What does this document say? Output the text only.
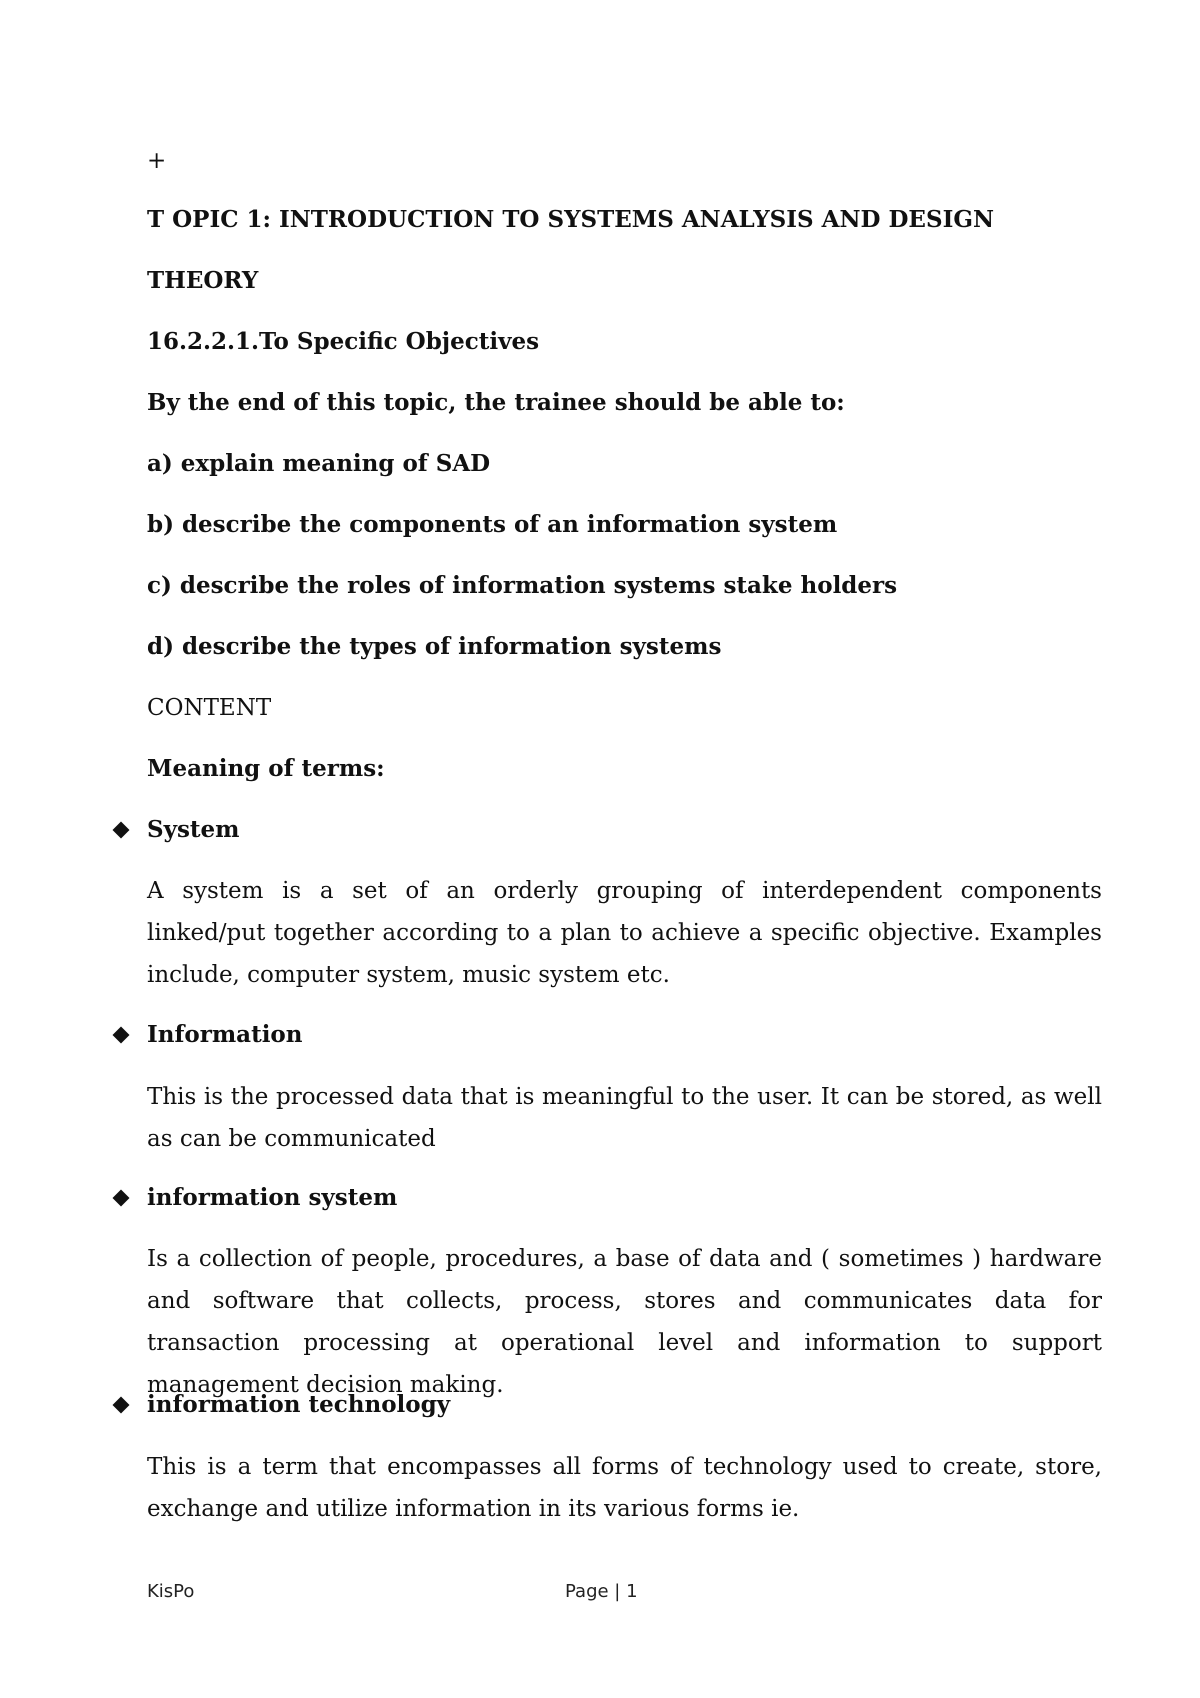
+
T OPIC 1: INTRODUCTION TO SYSTEMS ANALYSIS AND DESIGN
THEORY
16.2.2.1.To Specific Objectives
By the end of this topic, the trainee should be able to:
a) explain meaning of SAD
b) describe the components of an information system
c) describe the roles of information systems stake holders
d) describe the types of information systems
CONTENT
Meaning of terms:
System
A system is a set of an orderly grouping of interdependent components linked/put together according to a plan to achieve a specific objective. Examples include, computer system, music system etc.
Information
This is the processed data that is meaningful to the user. It can be stored, as well as can be communicated
information system
Is a collection of people, procedures, a base of data and ( sometimes ) hardware and software that collects, process, stores and communicates data for transaction processing at operational level and information to support management decision making.
information technology
This is a term that encompasses all forms of technology used to create, store, exchange and utilize information in its various forms ie.
KisPo	Page | 1
